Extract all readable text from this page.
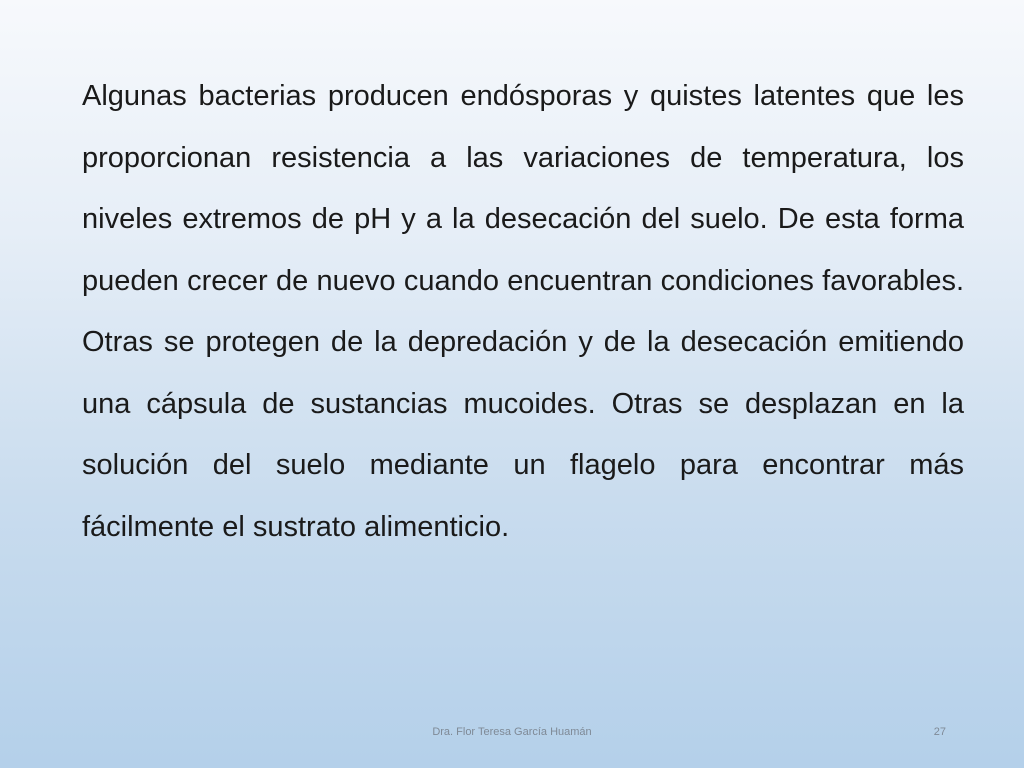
Algunas bacterias producen endósporas y quistes latentes que les proporcionan resistencia a las variaciones de temperatura, los niveles extremos de pH y a la desecación del suelo. De esta forma pueden crecer de nuevo cuando encuentran condiciones favorables. Otras se protegen de la depredación y de la desecación emitiendo una cápsula de sustancias mucoides. Otras se desplazan en la solución del suelo mediante un flagelo para encontrar más fácilmente el sustrato alimenticio.

Dra. Flor Teresa García Huamán	27
